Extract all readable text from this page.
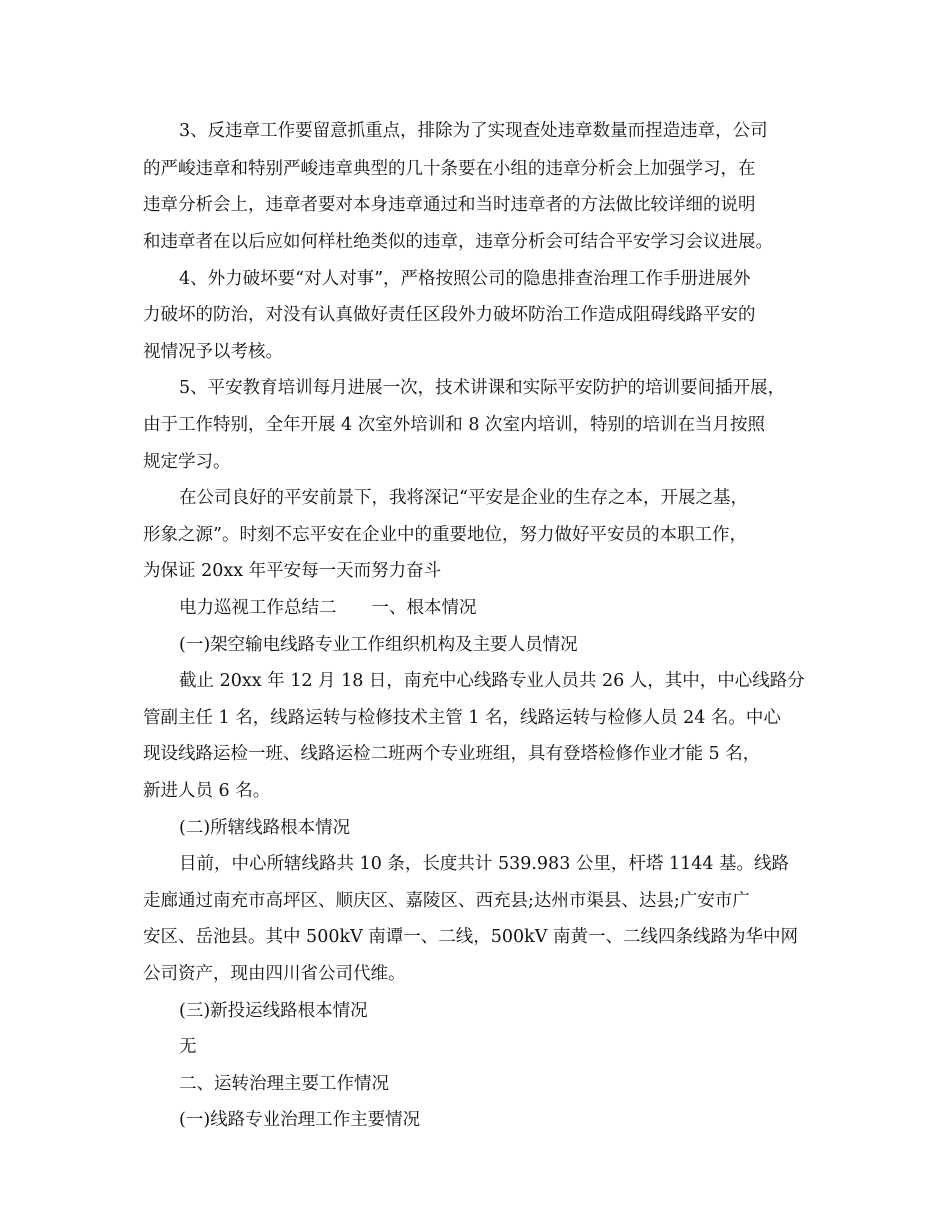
3、反违章工作要留意抓重点，排除为了实现查处违章数量而捏造违章，公司
的严峻违章和特别严峻违章典型的几十条要在小组的违章分析会上加强学习，在
违章分析会上，违章者要对本身违章通过和当时违章者的方法做比较详细的说明
和违章者在以后应如何样杜绝类似的违章，违章分析会可结合平安学习会议进展。
4、外力破坏要“对人对事”，严格按照公司的隐患排查治理工作手册进展外
力破坏的防治，对没有认真做好责任区段外力破坏防治工作造成阻碍线路平安的
视情况予以考核。
5、平安教育培训每月进展一次，技术讲课和实际平安防护的培训要间插开展，
由于工作特别，全年开展 4 次室外培训和 8 次室内培训，特别的培训在当月按照
规定学习。
在公司良好的平安前景下，我将深记“平安是企业的生存之本，开展之基，
形象之源”。时刻不忘平安在企业中的重要地位，努力做好平安员的本职工作，
为保证 20xx 年平安每一天而努力奋斗
电力巡视工作总结二　　一、根本情况
(一)架空输电线路专业工作组织机构及主要人员情况
截止 20xx 年 12 月 18 日，南充中心线路专业人员共 26 人，其中，中心线路分
管副主任 1 名，线路运转与检修技术主管 1 名，线路运转与检修人员 24 名。中心
现设线路运检一班、线路运检二班两个专业班组，具有登塔检修作业才能 5 名，
新进人员 6 名。
(二)所辖线路根本情况
目前，中心所辖线路共 10 条，长度共计 539.983 公里，杆塔 1144 基。线路
走廊通过南充市高坪区、顺庆区、嘉陵区、西充县;达州市渠县、达县;广安市广
安区、岳池县。其中 500kV 南谭一、二线，500kV 南黄一、二线四条线路为华中网
公司资产，现由四川省公司代维。
(三)新投运线路根本情况
无
二、运转治理主要工作情况
(一)线路专业治理工作主要情况
